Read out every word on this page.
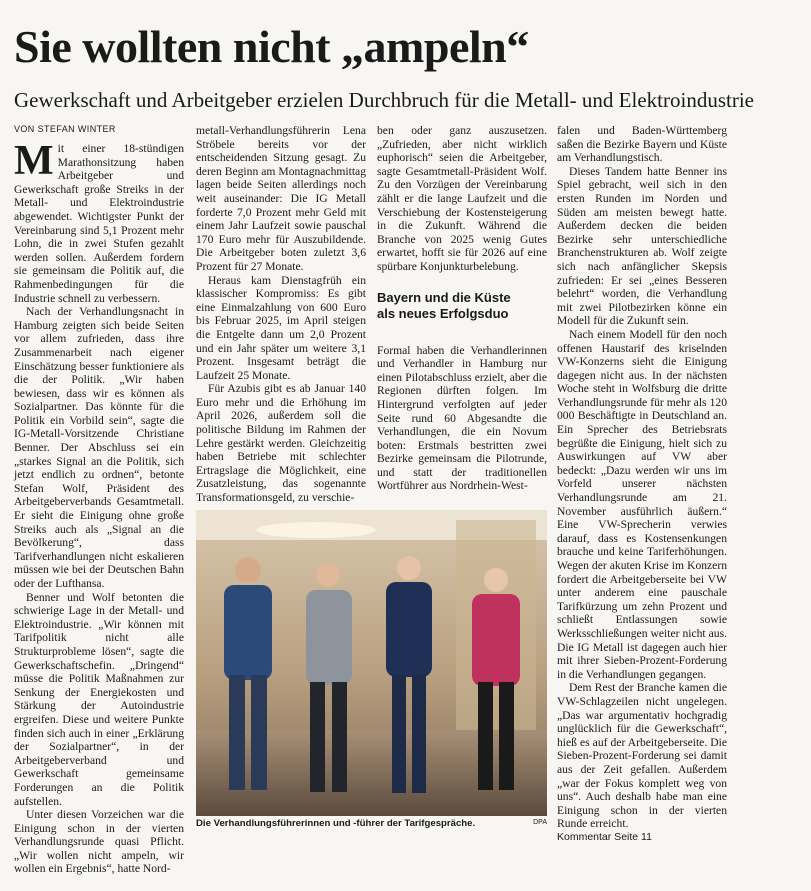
Sie wollten nicht „ampeln“
Gewerkschaft und Arbeitgeber erzielen Durchbruch für die Metall- und Elektroindustrie
VON STEFAN WINTER

Mit einer 18-stündigen Marathonsitzung haben Arbeitgeber und Gewerkschaft große Streiks in der Metall- und Elektroindustrie abgewendet. Wichtigster Punkt der Vereinbarung sind 5,1 Prozent mehr Lohn, die in zwei Stufen gezahlt werden sollen. Außerdem fordern sie gemeinsam die Politik auf, die Rahmenbedingungen für die Industrie schnell zu verbessern.

Nach der Verhandlungsnacht in Hamburg zeigten sich beide Seiten vor allem zufrieden, dass ihre Zusammenarbeit nach eigener Einschätzung besser funktioniere als die der Politik. „Wir haben bewiesen, dass wir es können als Sozialpartner. Das könnte für die Politik ein Vorbild sein“, sagte die IG-Metall-Vorsitzende Christiane Benner. Der Abschluss sei ein „starkes Signal an die Politik, sich jetzt endlich zu ordnen“, betonte Stefan Wolf, Präsident des Arbeitgeberverbands Gesamtmetall. Er sieht die Einigung ohne große Streiks auch als „Signal an die Bevölkerung“, dass Tarifverhandlungen nicht eskalieren müssen wie bei der Deutschen Bahn oder der Lufthansa.

Benner und Wolf betonten die schwierige Lage in der Metall- und Elektroindustrie. „Wir können mit Tarifpolitik nicht alle Strukturprobleme lösen“, sagte die Gewerkschaftschefin. „Dringend“ müsse die Politik Maßnahmen zur Senkung der Energiekosten und Stärkung der Autoindustrie ergreifen. Diese und weitere Punkte finden sich auch in einer „Erklärung der Sozialpartner“, in der Arbeitgeberverband und Gewerkschaft gemeinsame Forderungen an die Politik aufstellen.

Unter diesen Vorzeichen war die Einigung schon in der vierten Verhandlungsrunde quasi Pflicht. „Wir wollen nicht ampeln, wir wollen ein Ergebnis“, hatte Nord-

metall-Verhandlungsführerin Lena Ströbele bereits vor der entscheidenden Sitzung gesagt. Zu deren Beginn am Montagnachmittag lagen beide Seiten allerdings noch weit auseinander: Die IG Metall forderte 7,0 Prozent mehr Geld mit einem Jahr Laufzeit sowie pauschal 170 Euro mehr für Auszubildende. Die Arbeitgeber boten zuletzt 3,6 Prozent für 27 Monate.

Heraus kam Dienstagfrüh ein klassischer Kompromiss: Es gibt eine Einmalzahlung von 600 Euro bis Februar 2025, im April steigen die Entgelte dann um 2,0 Prozent und ein Jahr später um weitere 3,1 Prozent. Insgesamt beträgt die Laufzeit 25 Monate.

Für Azubis gibt es ab Januar 140 Euro mehr und die Erhöhung im April 2026, außerdem soll die politische Bildung im Rahmen der Lehre gestärkt werden. Gleichzeitig haben Betriebe mit schlechter Ertragslage die Möglichkeit, eine Zusatzleistung, das sogenannte Transformationsgeld, zu verschie-

ben oder ganz auszusetzen. „Zufrieden, aber nicht wirklich euphorisch“ seien die Arbeitgeber, sagte Gesamtmetall-Präsident Wolf. Zu den Vorzügen der Vereinbarung zählt er die lange Laufzeit und die Verschiebung der Kostensteigerung in die Zukunft. Während die Branche von 2025 wenig Gutes erwartet, hofft sie für 2026 auf eine spürbare Konjunkturbelebung.

Bayern und die Küste
als neues Erfolgsduo

Formal haben die Verhandlerinnen und Verhandler in Hamburg nur einen Pilotabschluss erzielt, aber die Regionen dürften folgen. Im Hintergrund verfolgten auf jeder Seite rund 60 Abgesandte die Verhandlungen, die ein Novum boten: Erstmals bestritten zwei Bezirke gemeinsam die Pilotrunde, und statt der traditionellen Wortführer aus Nordrhein-West-

falen und Baden-Württemberg saßen die Bezirke Bayern und Küste am Verhandlungstisch.

Dieses Tandem hatte Benner ins Spiel gebracht, weil sich in den ersten Runden im Norden und Süden am meisten bewegt hatte. Außerdem decken die beiden Bezirke sehr unterschiedliche Branchenstrukturen ab. Wolf zeigte sich nach anfänglicher Skepsis zufrieden: Er sei „eines Besseren belehrt“ worden, die Verhandlung mit zwei Pilotbezirken könne ein Modell für die Zukunft sein.

Nach einem Modell für den noch offenen Haustarif des kriselnden VW-Konzerns sieht die Einigung dagegen nicht aus. In der nächsten Woche steht in Wolfsburg die dritte Verhandlungsrunde für mehr als 120 000 Beschäftigte in Deutschland an. Ein Sprecher des Betriebsrats begrüßte die Einigung, hielt sich zu Auswirkungen auf VW aber bedeckt: „Dazu werden wir uns im Vorfeld unserer nächsten Verhandlungsrunde am 21. November ausführlich äußern.“ Eine VW-Sprecherin verwies darauf, dass es Kostensenkungen brauche und keine Tariferhöhungen. Wegen der akuten Krise im Konzern fordert die Arbeitgeberseite bei VW unter anderem eine pauschale Tarifkürzung um zehn Prozent und schließt Entlassungen sowie Werksschließungen weiter nicht aus. Die IG Metall ist dagegen auch hier mit ihrer Sieben-Prozent-Forderung in die Verhandlungen gegangen.

Dem Rest der Branche kamen die VW-Schlagzeilen nicht ungelegen. „Das war argumentativ hochgradig unglücklich für die Gewerkschaft“, hieß es auf der Arbeitgeberseite. Die Sieben-Prozent-Forderung sei damit aus der Zeit gefallen. Außerdem „war der Fokus komplett weg von uns“. Auch deshalb habe man eine Einigung schon in der vierten Runde erreicht.

Kommentar Seite 11

Die Verhandlungsführerinnen und -führer der Tarifgespräche.	DPA
